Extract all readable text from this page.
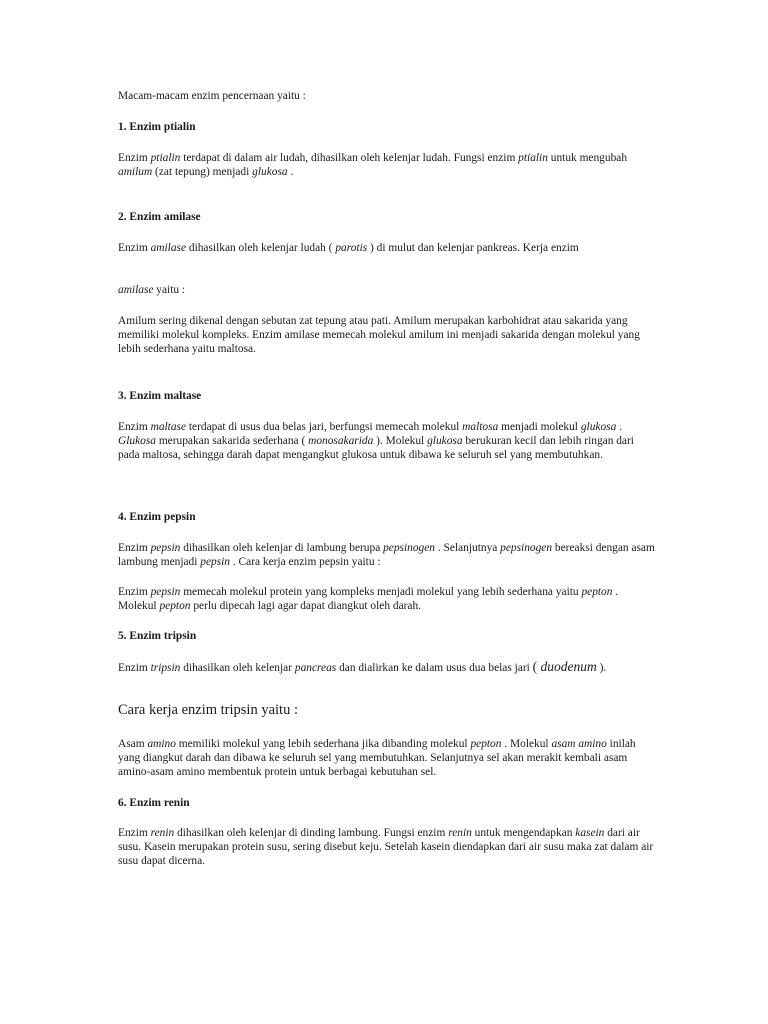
Macam-macam enzim pencernaan yaitu :

1. Enzim ptialin

Enzim ptialin terdapat di dalam air ludah, dihasilkan oleh kelenjar ludah. Fungsi enzim ptialin untuk mengubah amilum (zat tepung) menjadi glukosa .

2. Enzim amilase

Enzim amilase dihasilkan oleh kelenjar ludah ( parotis ) di mulut dan kelenjar pankreas. Kerja enzim

amilase yaitu :

Amilum sering dikenal dengan sebutan zat tepung atau pati. Amilum merupakan karbohidrat atau sakarida yang memiliki molekul kompleks. Enzim amilase memecah molekul amilum ini menjadi sakarida dengan molekul yang lebih sederhana yaitu maltosa.

3. Enzim maltase

Enzim maltase terdapat di usus dua belas jari, berfungsi memecah molekul maltosa menjadi molekul glukosa . Glukosa merupakan sakarida sederhana ( monosakarida ). Molekul glukosa berukuran kecil dan lebih ringan dari pada maltosa, sehingga darah dapat mengangkut glukosa untuk dibawa ke seluruh sel yang membutuhkan.

4. Enzim pepsin

Enzim pepsin dihasilkan oleh kelenjar di lambung berupa pepsinogen . Selanjutnya pepsinogen bereaksi dengan asam lambung menjadi pepsin . Cara kerja enzim pepsin yaitu :

Enzim pepsin memecah molekul protein yang kompleks menjadi molekul yang lebih sederhana yaitu pepton . Molekul pepton perlu dipecah lagi agar dapat diangkut oleh darah.

5. Enzim tripsin

Enzim tripsin dihasilkan oleh kelenjar pancreas dan dialirkan ke dalam usus dua belas jari ( duodenum ).

Cara kerja enzim tripsin yaitu :

Asam amino memiliki molekul yang lebih sederhana jika dibanding molekul pepton . Molekul asam amino inilah yang diangkut darah dan dibawa ke seluruh sel yang membutuhkan. Selanjutnya sel akan merakit kembali asam amino-asam amino membentuk protein untuk berbagai kebutuhan sel.

6. Enzim renin

Enzim renin dihasilkan oleh kelenjar di dinding lambung. Fungsi enzim renin untuk mengendapkan kasein dari air susu. Kasein merupakan protein susu, sering disebut keju. Setelah kasein diendapkan dari air susu maka zat dalam air susu dapat dicerna.
